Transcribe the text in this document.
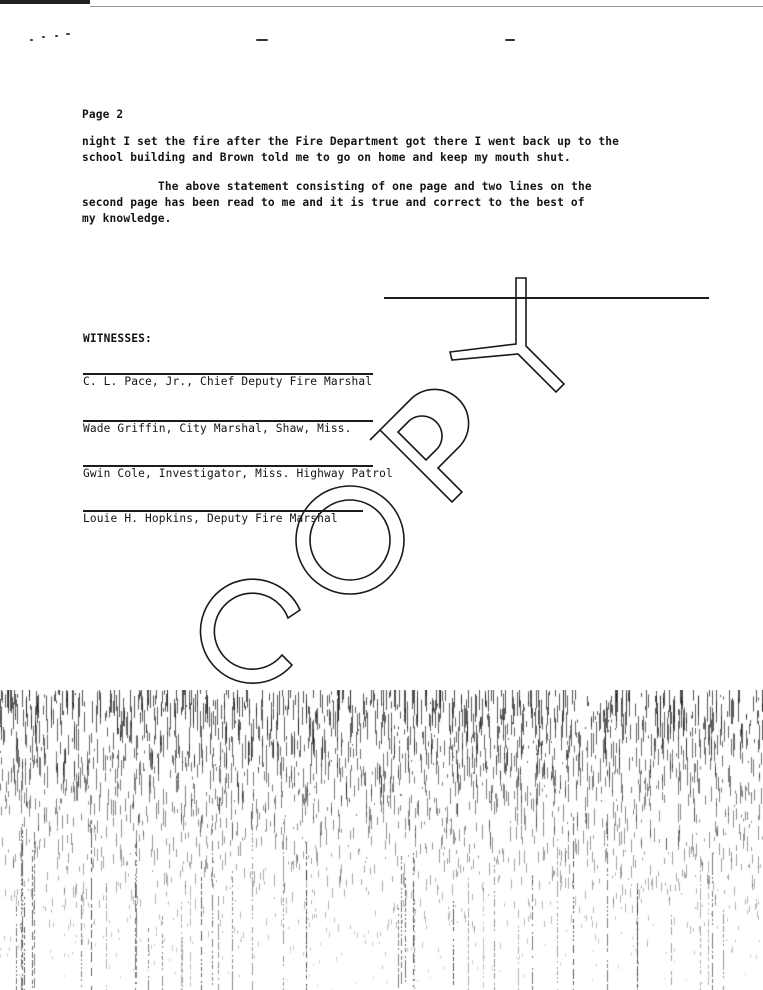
Page 2
night I set the fire after the Fire Department got there I went back up to the
school building and Brown told me to go on home and keep my mouth shut.
The above statement consisting of one page and two lines on the
second page has been read to me and it is true and correct to the best of
my knowledge.
WITNESSES:
C. L. Pace, Jr., Chief Deputy Fire Marshal
Wade Griffin, City Marshal, Shaw, Miss.
Gwin Cole, Investigator, Miss. Highway Patrol
Louie H. Hopkins, Deputy Fire Marshal
